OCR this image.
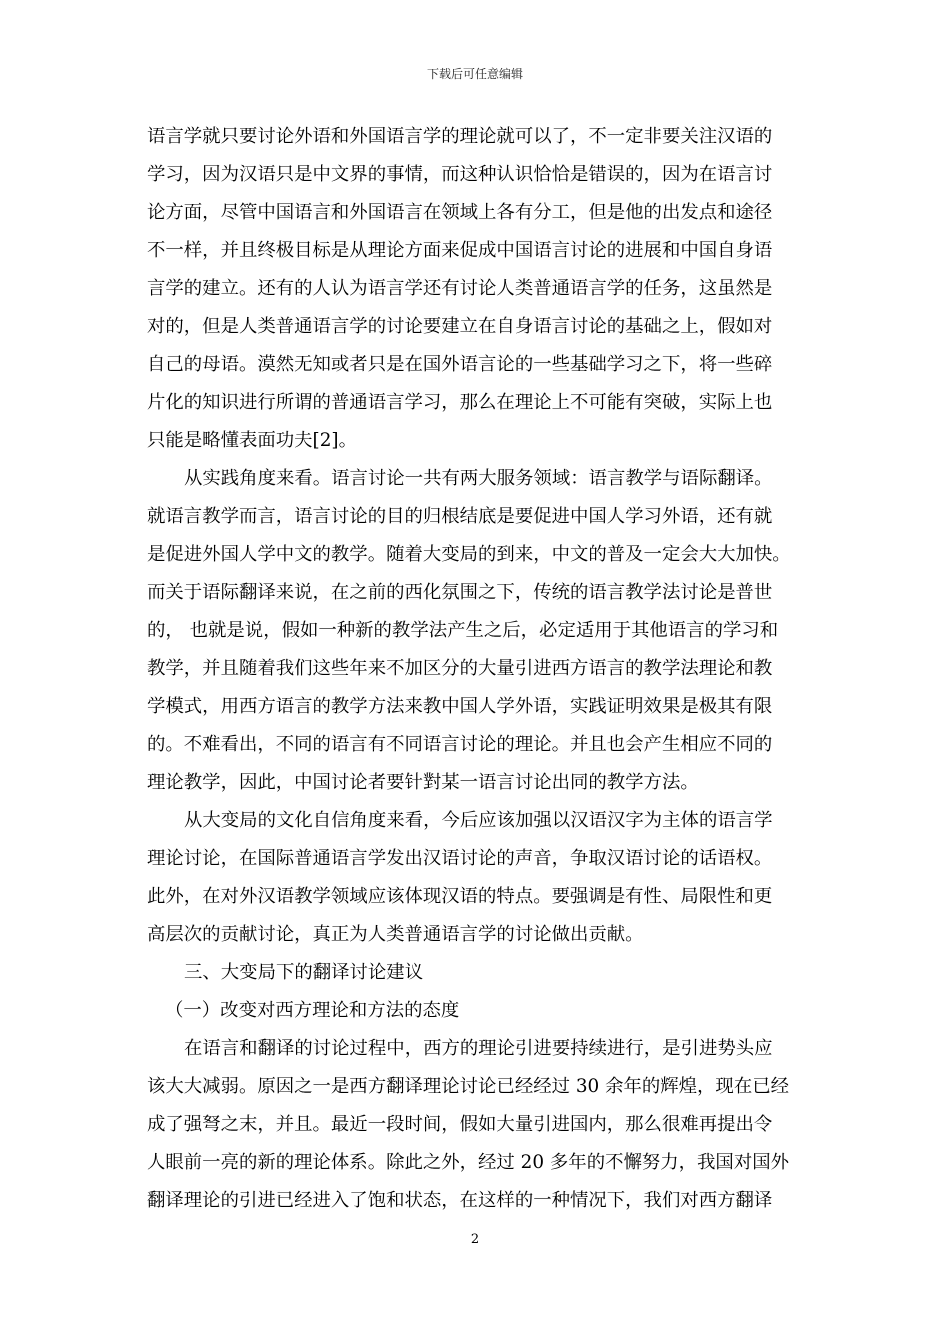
下载后可任意编辑
语言学就只要讨论外语和外国语言学的理论就可以了，不一定非要关注汉语的
学习，因为汉语只是中文界的事情，而这种认识恰恰是错误的，因为在语言讨
论方面，尽管中国语言和外国语言在领域上各有分工，但是他的出发点和途径
不一样，并且终极目标是从理论方面来促成中国语言讨论的进展和中国自身语
言学的建立。还有的人认为语言学还有讨论人类普通语言学的任务，这虽然是
对的，但是人类普通语言学的讨论要建立在自身语言讨论的基础之上，假如对
自己的母语。漠然无知或者只是在国外语言论的一些基础学习之下，将一些碎
片化的知识进行所谓的普通语言学习，那么在理论上不可能有突破，实际上也
只能是略懂表面功夫[2]。
从实践角度来看。语言讨论一共有两大服务领域：语言教学与语际翻译。
就语言教学而言，语言讨论的目的归根结底是要促进中国人学习外语，还有就
是促进外国人学中文的教学。随着大变局的到来，中文的普及一定会大大加快。
而关于语际翻译来说，在之前的西化氛围之下，传统的语言教学法讨论是普世
的， 也就是说，假如一种新的教学法产生之后，必定适用于其他语言的学习和
教学，并且随着我们这些年来不加区分的大量引进西方语言的教学法理论和教
学模式，用西方语言的教学方法来教中国人学外语，实践证明效果是极其有限
的。不难看出，不同的语言有不同语言讨论的理论。并且也会产生相应不同的
理论教学，因此，中国讨论者要针對某一语言讨论出同的教学方法。
从大变局的文化自信角度来看，今后应该加强以汉语汉字为主体的语言学
理论讨论，在国际普通语言学发出汉语讨论的声音，争取汉语讨论的话语权。
此外，在对外汉语教学领域应该体现汉语的特点。要强调是有性、局限性和更
高层次的贡献讨论，真正为人类普通语言学的讨论做出贡献。
三、大变局下的翻译讨论建议
（一）改变对西方理论和方法的态度
在语言和翻译的讨论过程中，西方的理论引进要持续进行，是引进势头应
该大大减弱。原因之一是西方翻译理论讨论已经经过 30 余年的辉煌，现在已经
成了强弩之末，并且。最近一段时间，假如大量引进国内，那么很难再提出令
人眼前一亮的新的理论体系。除此之外，经过 20 多年的不懈努力，我国对国外
翻译理论的引进已经进入了饱和状态，在这样的一种情况下，我们对西方翻译
2
